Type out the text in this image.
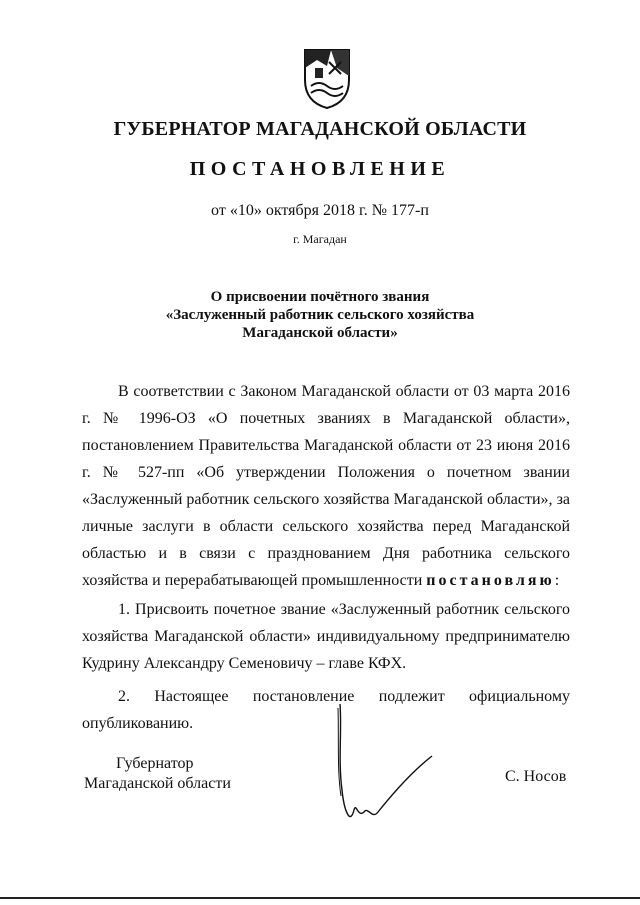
ГУБЕРНАТОР МАГАДАНСКОЙ ОБЛАСТИ
ПОСТАНОВЛЕНИЕ
от «10» октября 2018 г. № 177-п
г. Магадан
О присвоении почётного звания
«Заслуженный работник сельского хозяйства
Магаданской области»

В соответствии с Законом Магаданской области от 03 марта 2016 г. № 1996-ОЗ «О почетных званиях в Магаданской области», постановлением Правительства Магаданской области от 23 июня 2016 г. № 527-пп «Об утверждении Положения о почетном звании «Заслуженный работник сельского хозяйства Магаданской области», за личные заслуги в области сельского хозяйства перед Магаданской областью и в связи с празднованием Дня работника сельского хозяйства и перерабатывающей промышленности постановляю:

1. Присвоить почетное звание «Заслуженный работник сельского хозяйства Магаданской области» индивидуальному предпринимателю Кудрину Александру Семеновичу – главе КФХ.

2. Настоящее постановление подлежит официальному опубликованию.

Губернатор
Магаданской области	С. Носов
